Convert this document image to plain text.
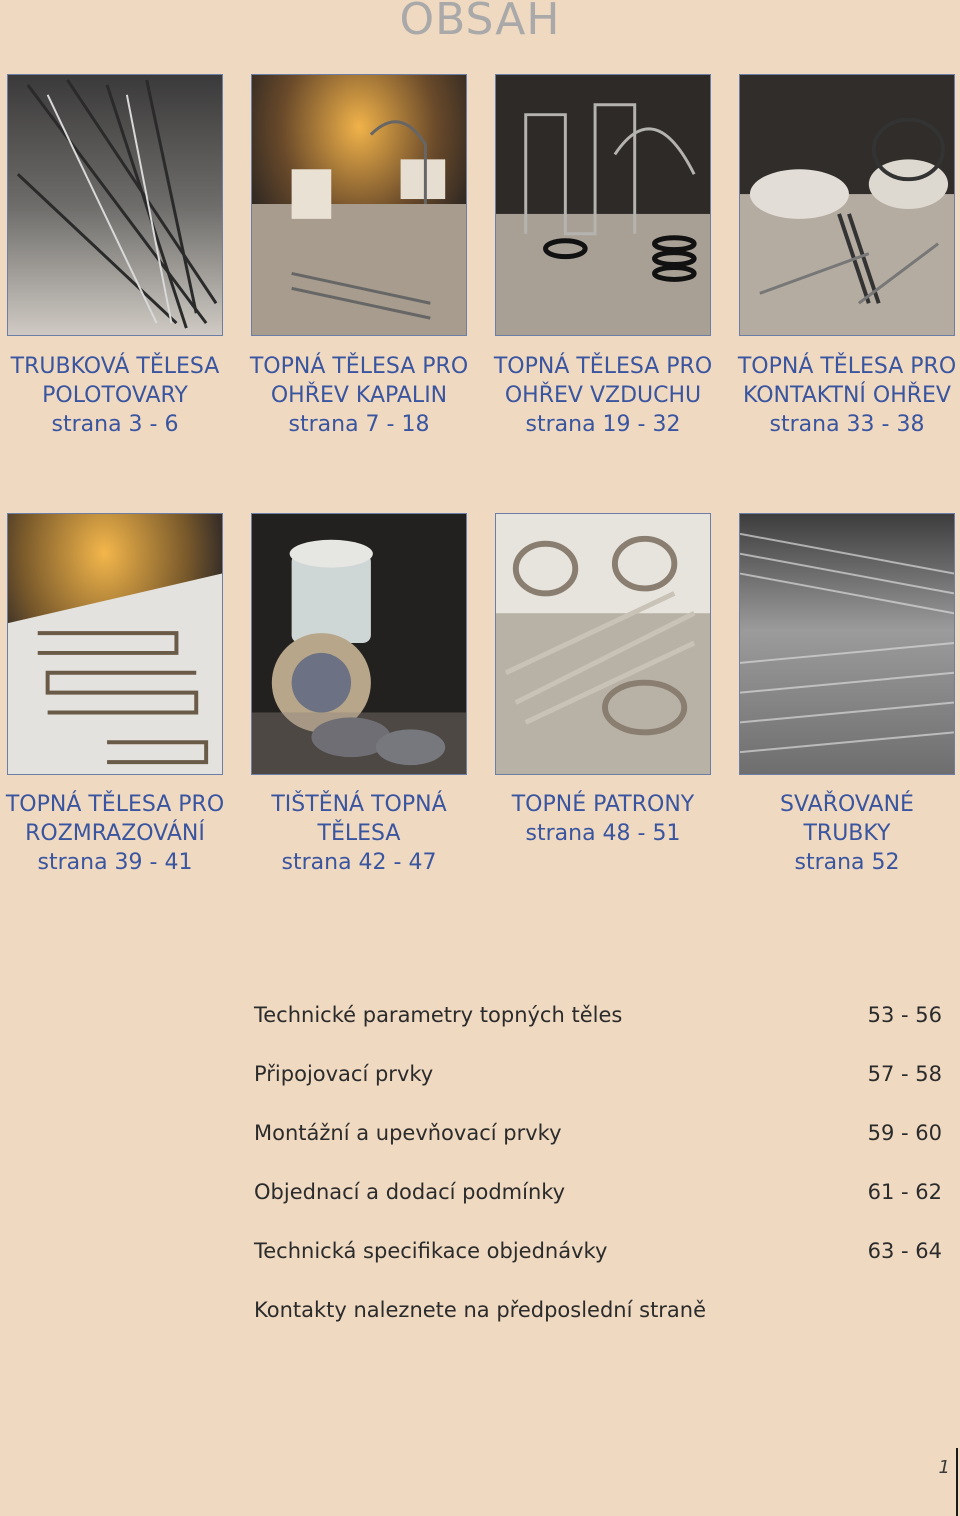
OBSAH
TRUBKOVÁ TĚLESA
POLOTOVARY
strana 3 - 6
TOPNÁ TĚLESA PRO
OHŘEV KAPALIN
strana 7 - 18
TOPNÁ TĚLESA PRO
OHŘEV VZDUCHU
strana 19 - 32
TOPNÁ TĚLESA PRO
KONTAKTNÍ OHŘEV
strana 33 - 38
TOPNÁ TĚLESA PRO
ROZMRAZOVÁNÍ
strana 39 - 41
TIŠTĚNÁ TOPNÁ
TĚLESA
strana 42 - 47
TOPNÉ PATRONY
strana 48 - 51
SVAŘOVANÉ
TRUBKY
strana 52
Technické parametry topných těles	53 - 56
Připojovací prvky	57 - 58
Montážní a upevňovací prvky	59 - 60
Objednací a dodací podmínky	61 - 62
Technická specifikace objednávky	63 - 64
Kontakty naleznete na předposlední straně
1
